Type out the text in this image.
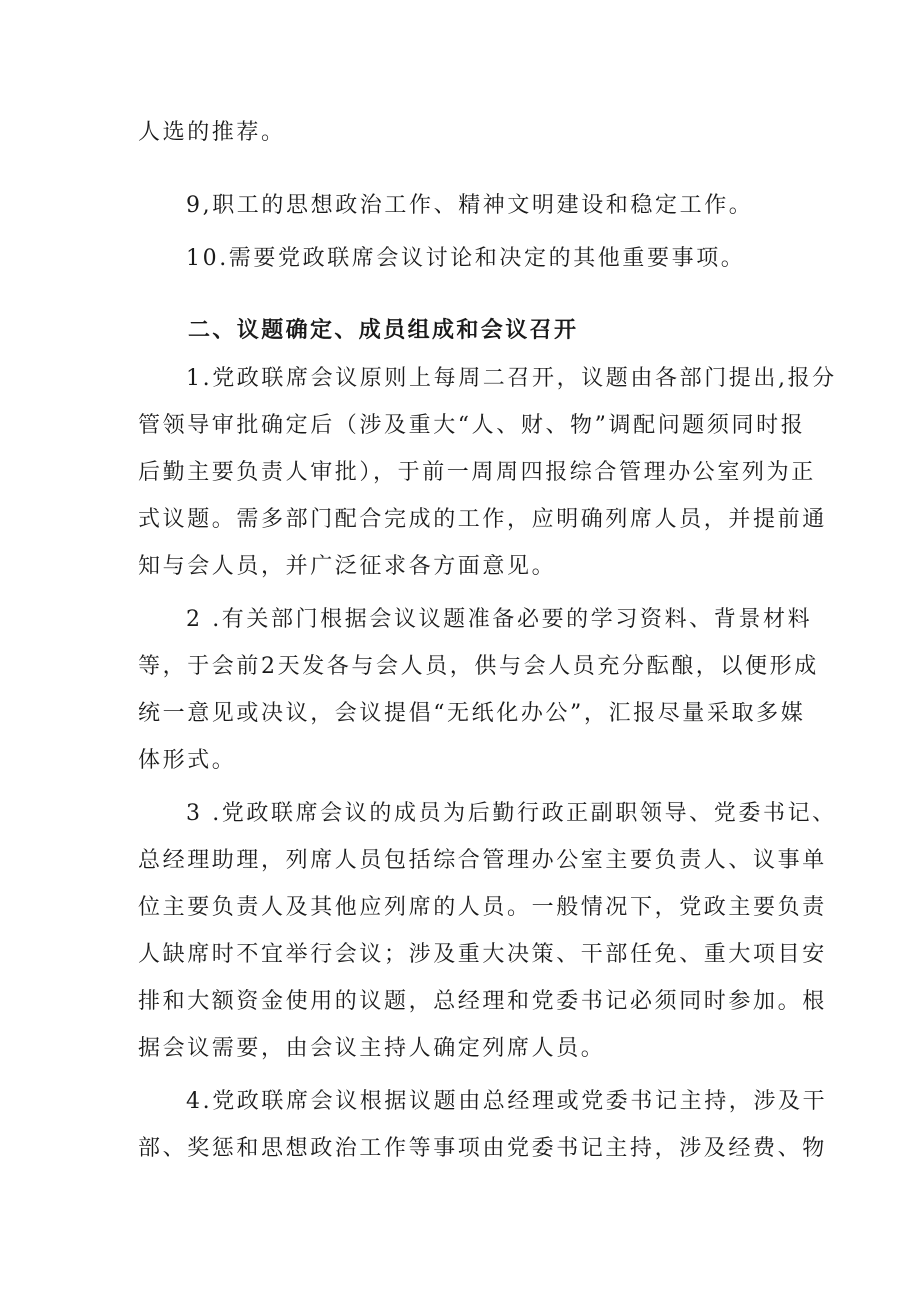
人选的推荐。
9,职工的思想政治工作、精神文明建设和稳定工作。
10.需要党政联席会议讨论和决定的其他重要事项。
二、议题确定、成员组成和会议召开
1.党政联席会议原则上每周二召开，议题由各部门提出,报分
管领导审批确定后（涉及重大“人、财、物”调配问题须同时报
后勤主要负责人审批），于前一周周四报综合管理办公室列为正
式议题。需多部门配合完成的工作，应明确列席人员，并提前通
知与会人员，并广泛征求各方面意见。
2 .有关部门根据会议议题准备必要的学习资料、背景材料
等，于会前2天发各与会人员，供与会人员充分酝酿，以便形成
统一意见或决议，会议提倡“无纸化办公”，汇报尽量采取多媒
体形式。
3 .党政联席会议的成员为后勤行政正副职领导、党委书记、
总经理助理，列席人员包括综合管理办公室主要负责人、议事单
位主要负责人及其他应列席的人员。一般情况下，党政主要负责
人缺席时不宜举行会议；涉及重大决策、干部任免、重大项目安
排和大额资金使用的议题，总经理和党委书记必须同时参加。根
据会议需要，由会议主持人确定列席人员。
4.党政联席会议根据议题由总经理或党委书记主持，涉及干
部、奖惩和思想政治工作等事项由党委书记主持，涉及经费、物
